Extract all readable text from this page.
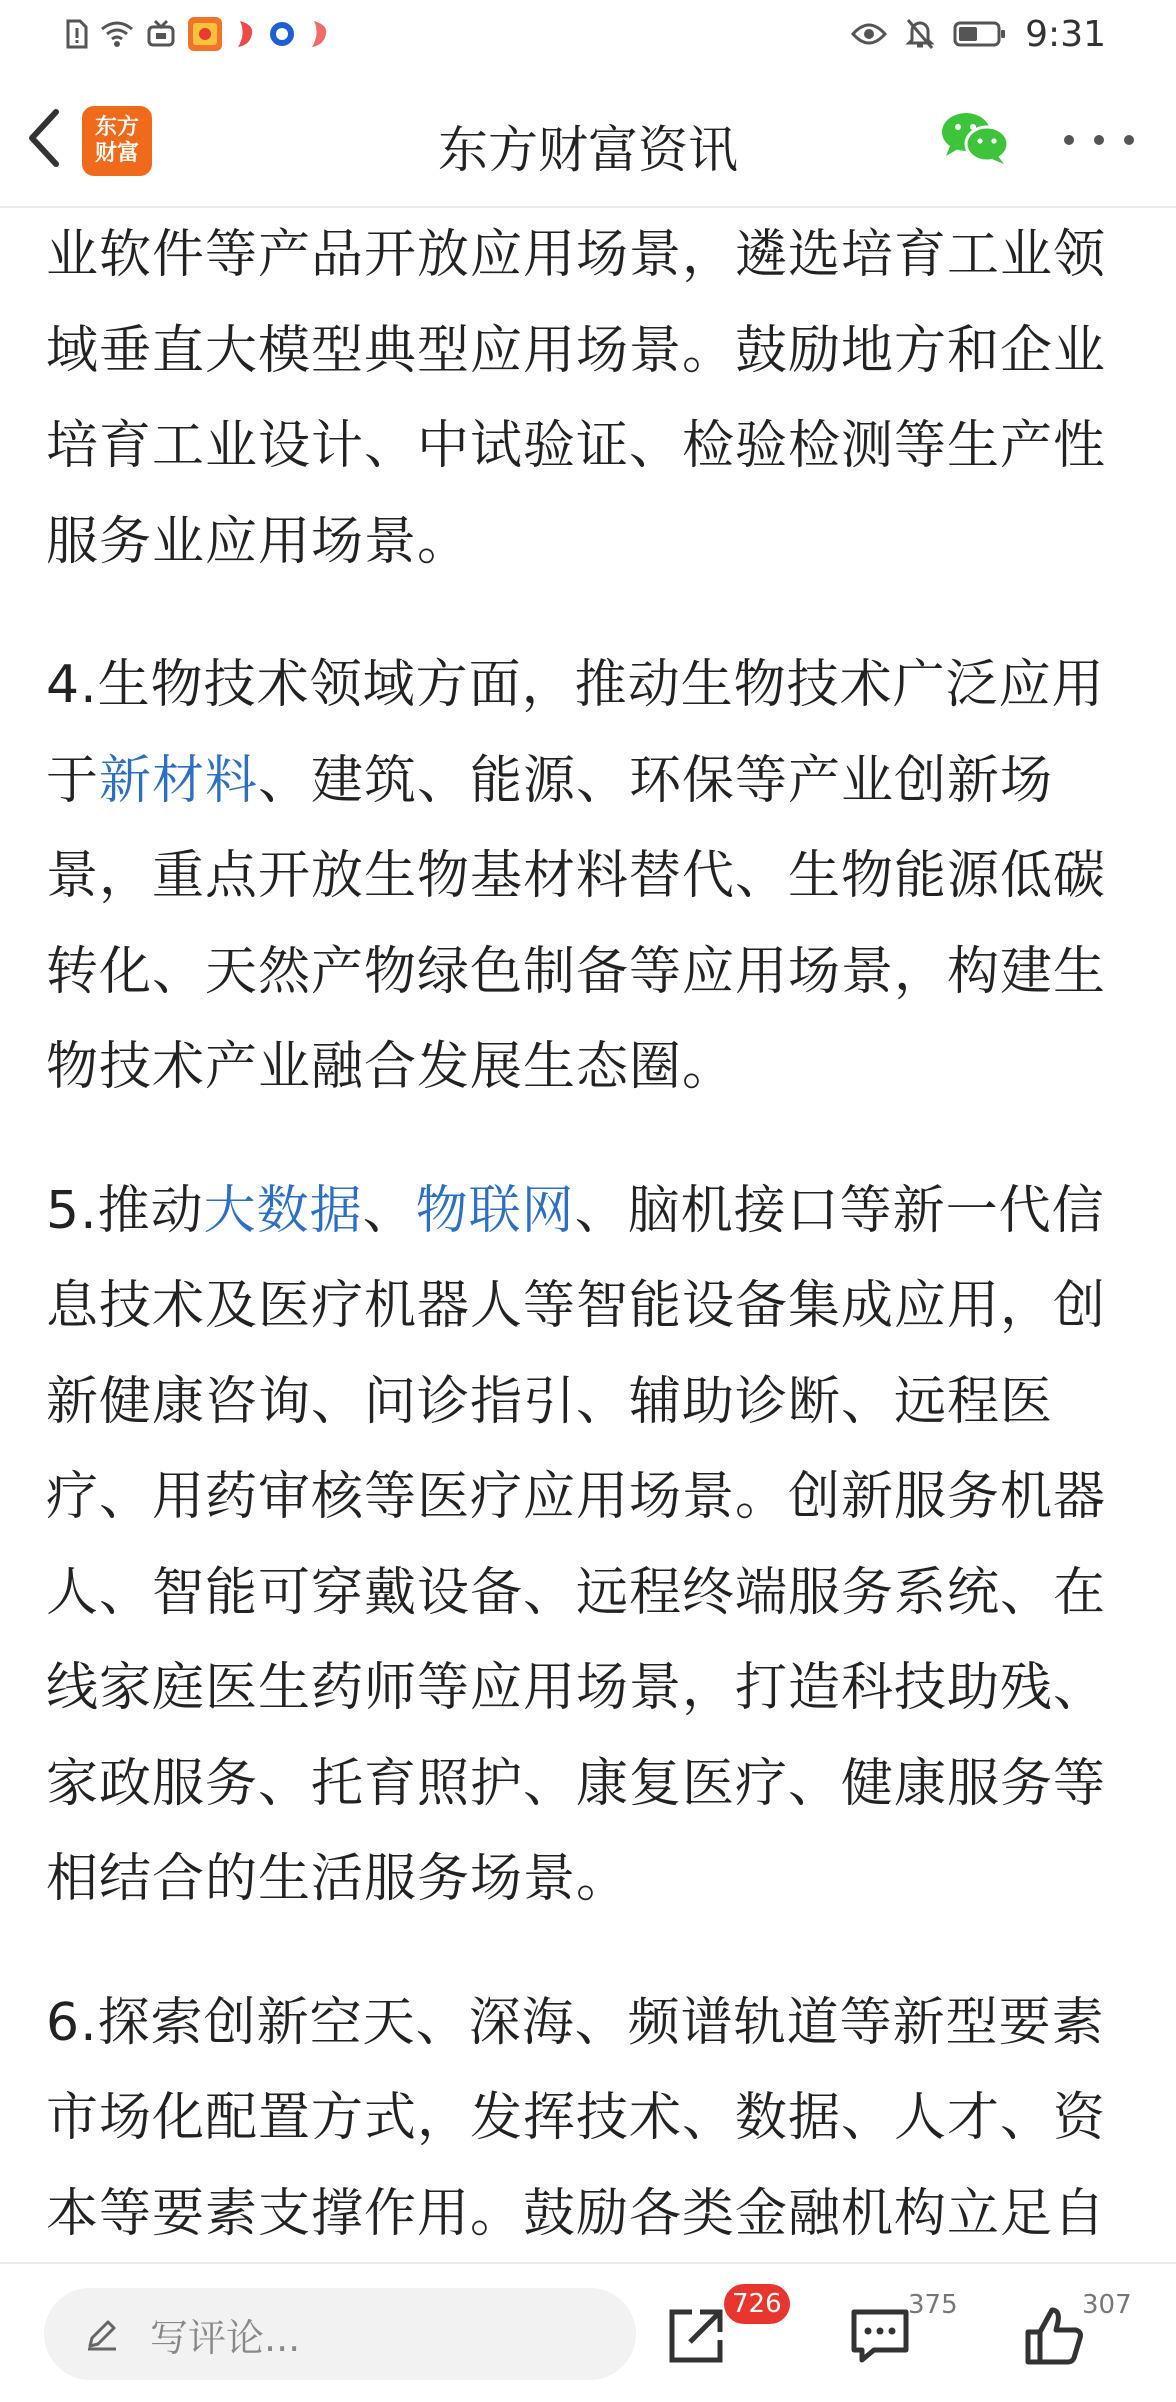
9:31
东方
财富	东方财富资讯

业软件等产品开放应用场景，遴选培育工业领域垂直大模型典型应用场景。鼓励地方和企业培育工业设计、中试验证、检验检测等生产性服务业应用场景。

4.生物技术领域方面，推动生物技术广泛应用于新材料、建筑、能源、环保等产业创新场景，重点开放生物基材料替代、生物能源低碳转化、天然产物绿色制备等应用场景，构建生物技术产业融合发展生态圈。

5.推动大数据、物联网、脑机接口等新一代信息技术及医疗机器人等智能设备集成应用，创新健康咨询、问诊指引、辅助诊断、远程医疗、用药审核等医疗应用场景。创新服务机器人、智能可穿戴设备、远程终端服务系统、在线家庭医生药师等应用场景，打造科技助残、家政服务、托育照护、康复医疗、健康服务等相结合的生活服务场景。

6.探索创新空天、深海、频谱轨道等新型要素市场化配置方式，发挥技术、数据、人才、资本等要素支撑作用。鼓励各类金融机构立足自

写评论...
726	375	307
